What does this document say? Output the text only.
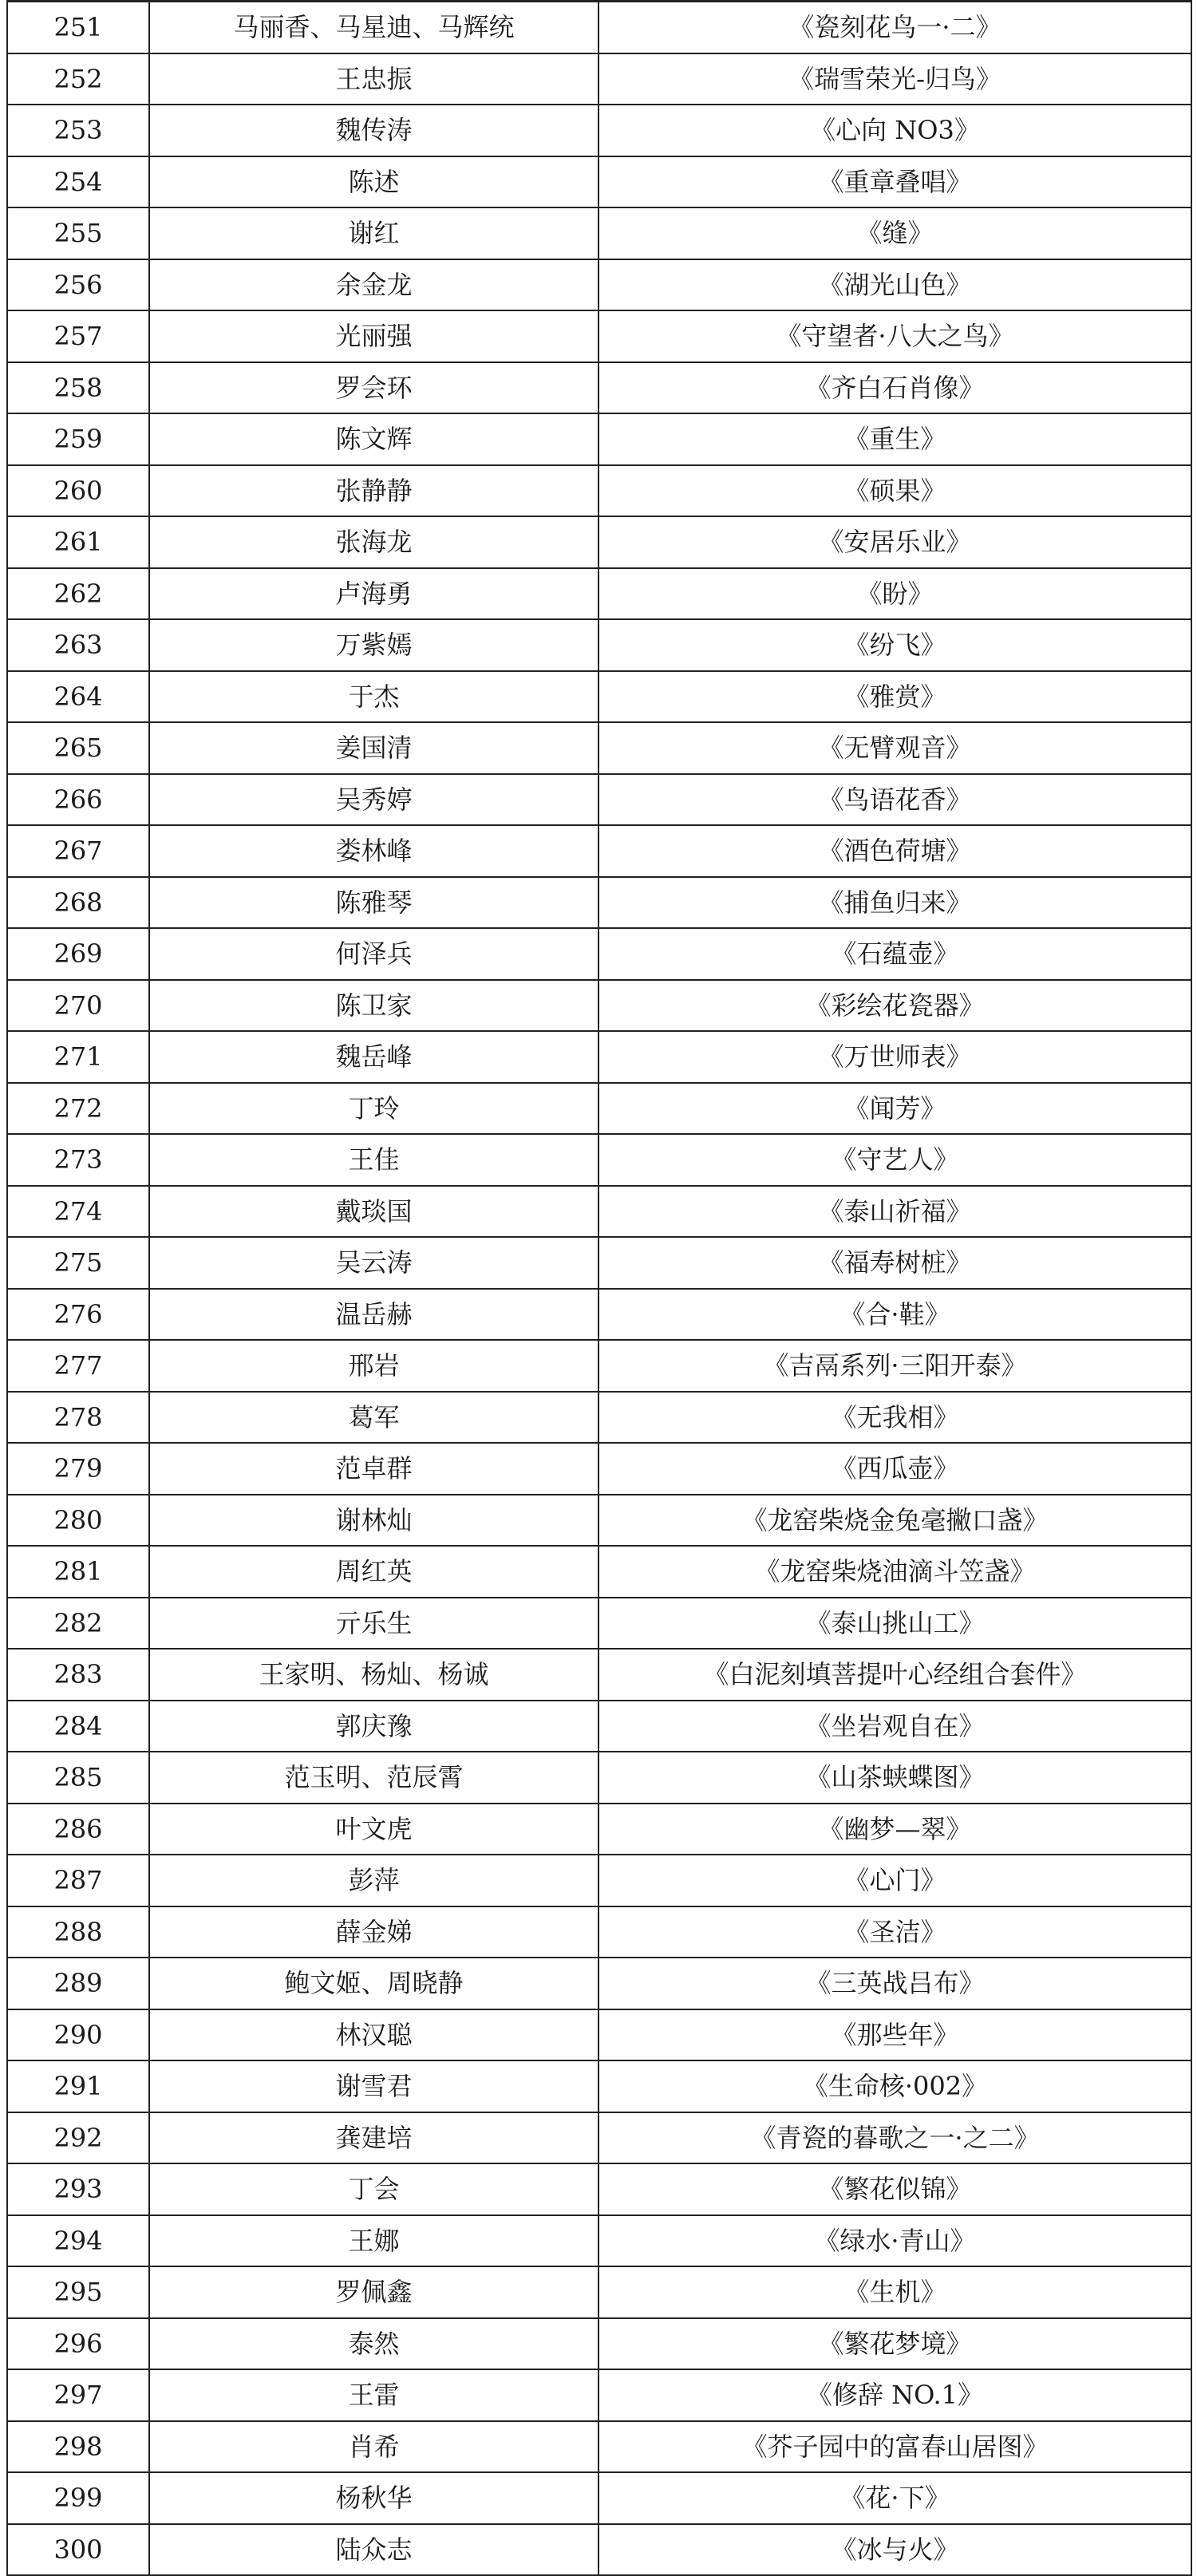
251	马丽香、马星迪、马辉统	《瓷刻花鸟一·二》
252	王忠振	《瑞雪荣光-归鸟》
253	魏传涛	《心向 NO3》
254	陈述	《重章叠唱》
255	谢红	《缝》
256	余金龙	《湖光山色》
257	光丽强	《守望者·八大之鸟》
258	罗会环	《齐白石肖像》
259	陈文辉	《重生》
260	张静静	《硕果》
261	张海龙	《安居乐业》
262	卢海勇	《盼》
263	万紫嫣	《纷飞》
264	于杰	《雅赏》
265	姜国清	《无臂观音》
266	吴秀婷	《鸟语花香》
267	娄林峰	《酒色荷塘》
268	陈雅琴	《捕鱼归来》
269	何泽兵	《石蕴壶》
270	陈卫家	《彩绘花瓷器》
271	魏岳峰	《万世师表》
272	丁玲	《闻芳》
273	王佳	《守艺人》
274	戴琰国	《泰山祈福》
275	吴云涛	《福寿树桩》
276	温岳赫	《合·鞋》
277	邢岩	《吉鬲系列·三阳开泰》
278	葛军	《无我相》
279	范卓群	《西瓜壶》
280	谢林灿	《龙窑柴烧金兔毫撇口盏》
281	周红英	《龙窑柴烧油滴斗笠盏》
282	亓乐生	《泰山挑山工》
283	王家明、杨灿、杨诚	《白泥刻填菩提叶心经组合套件》
284	郭庆豫	《坐岩观自在》
285	范玉明、范辰霄	《山茶蛱蝶图》
286	叶文虎	《幽梦—翠》
287	彭萍	《心门》
288	薛金娣	《圣洁》
289	鲍文姬、周晓静	《三英战吕布》
290	林汉聪	《那些年》
291	谢雪君	《生命核·002》
292	龚建培	《青瓷的暮歌之一·之二》
293	丁会	《繁花似锦》
294	王娜	《绿水·青山》
295	罗佩鑫	《生机》
296	泰然	《繁花梦境》
297	王雷	《修辞 NO.1》
298	肖希	《芥子园中的富春山居图》
299	杨秋华	《花·下》
300	陆众志	《冰与火》
